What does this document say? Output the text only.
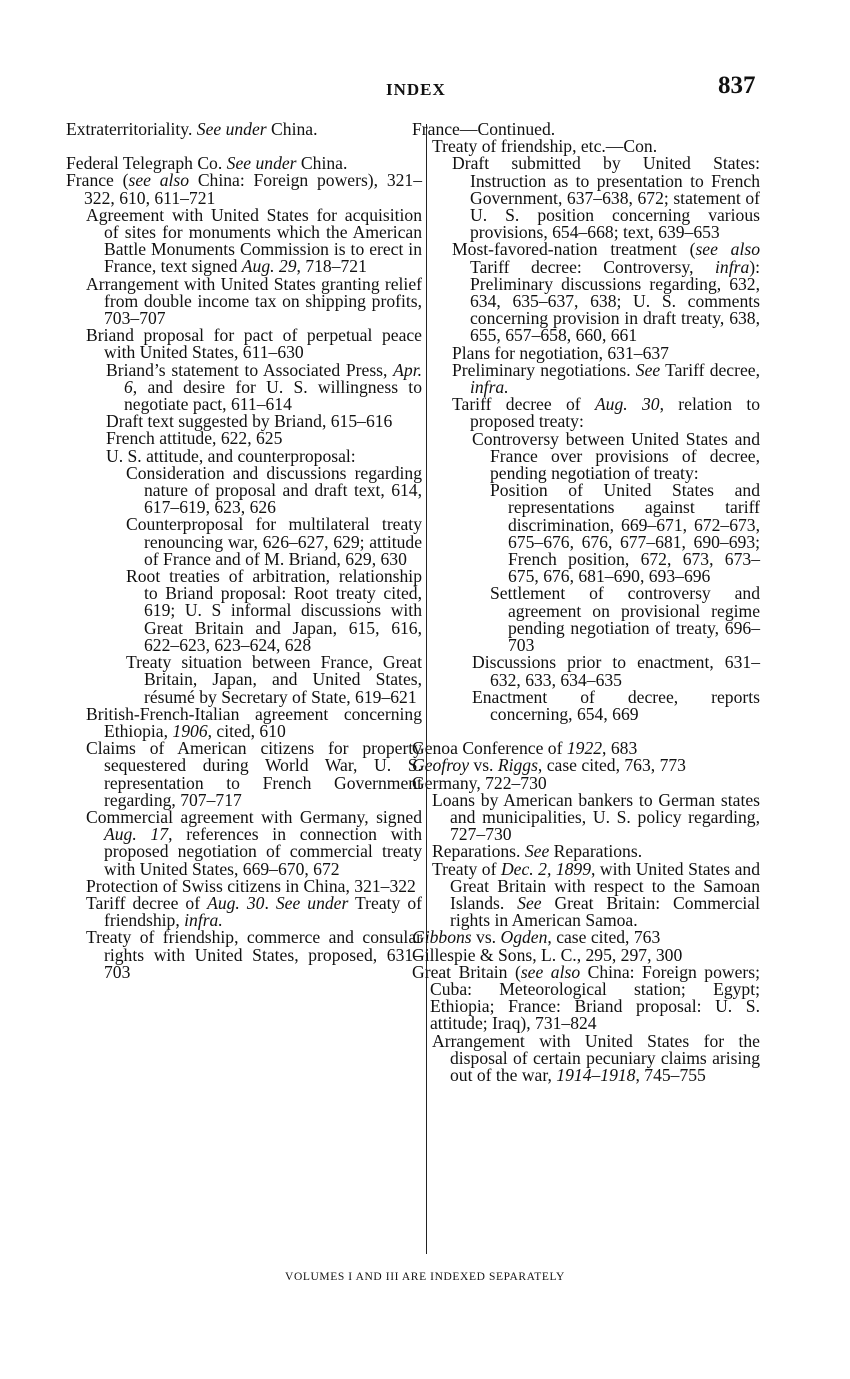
INDEX	837

Extraterritoriality. See under China.

Federal Telegraph Co. See under China.

France (see also China: Foreign powers), 321–322, 610, 611–721

Agreement with United States for acquisition of sites for monuments which the American Battle Monuments Commission is to erect in France, text signed Aug. 29, 718–721

Arrangement with United States granting relief from double income tax on shipping profits, 703–707

Briand proposal for pact of perpetual peace with United States, 611–630

Briand’s statement to Associated Press, Apr. 6, and desire for U. S. willingness to negotiate pact, 611–614

Draft text suggested by Briand, 615–616

French attitude, 622, 625

U. S. attitude, and counterproposal:

Consideration and discussions regarding nature of proposal and draft text, 614, 617–619, 623, 626

Counterproposal for multilateral treaty renouncing war, 626–627, 629; attitude of France and of M. Briand, 629, 630

Root treaties of arbitration, relationship to Briand proposal: Root treaty cited, 619; U. S informal discussions with Great Britain and Japan, 615, 616, 622–623, 623–624, 628

Treaty situation between France, Great Britain, Japan, and United States, résumé by Secretary of State, 619–621

British-French-Italian agreement concerning Ethiopia, 1906, cited, 610

Claims of American citizens for property sequestered during World War, U. S. representation to French Government regarding, 707–717

Commercial agreement with Germany, signed Aug. 17, references in connection with proposed negotiation of commercial treaty with United States, 669–670, 672

Protection of Swiss citizens in China, 321–322

Tariff decree of Aug. 30. See under Treaty of friendship, infra.

Treaty of friendship, commerce and consular rights with United States, proposed, 631–703

France—Continued.

Treaty of friendship, etc.—Con.

Draft submitted by United States: Instruction as to presentation to French Government, 637–638, 672; statement of U. S. position concerning various provisions, 654–668; text, 639–653

Most-favored-nation treatment (see also Tariff decree: Controversy, infra): Preliminary discussions regarding, 632, 634, 635–637, 638; U. S. comments concerning provision in draft treaty, 638, 655, 657–658, 660, 661

Plans for negotiation, 631–637

Preliminary negotiations. See Tariff decree, infra.

Tariff decree of Aug. 30, relation to proposed treaty:

Controversy between United States and France over provisions of decree, pending negotiation of treaty:

Position of United States and representations against tariff discrimination, 669–671, 672–673, 675–676, 676, 677–681, 690–693; French position, 672, 673, 673–675, 676, 681–690, 693–696

Settlement of controversy and agreement on provisional regime pending negotiation of treaty, 696–703

Discussions prior to enactment, 631–632, 633, 634–635

Enactment of decree, reports concerning, 654, 669

Genoa Conference of 1922, 683

Geofroy vs. Riggs, case cited, 763, 773

Germany, 722–730

Loans by American bankers to German states and municipalities, U. S. policy regarding, 727–730

Reparations. See Reparations.

Treaty of Dec. 2, 1899, with United States and Great Britain with respect to the Samoan Islands. See Great Britain: Commercial rights in American Samoa.

Gibbons vs. Ogden, case cited, 763

Gillespie & Sons, L. C., 295, 297, 300

Great Britain (see also China: Foreign powers; Cuba: Meteorological station; Egypt; Ethiopia; France: Briand proposal: U. S. attitude; Iraq), 731–824

Arrangement with United States for the disposal of certain pecuniary claims arising out of the war, 1914–1918, 745–755

VOLUMES I AND III ARE INDEXED SEPARATELY
